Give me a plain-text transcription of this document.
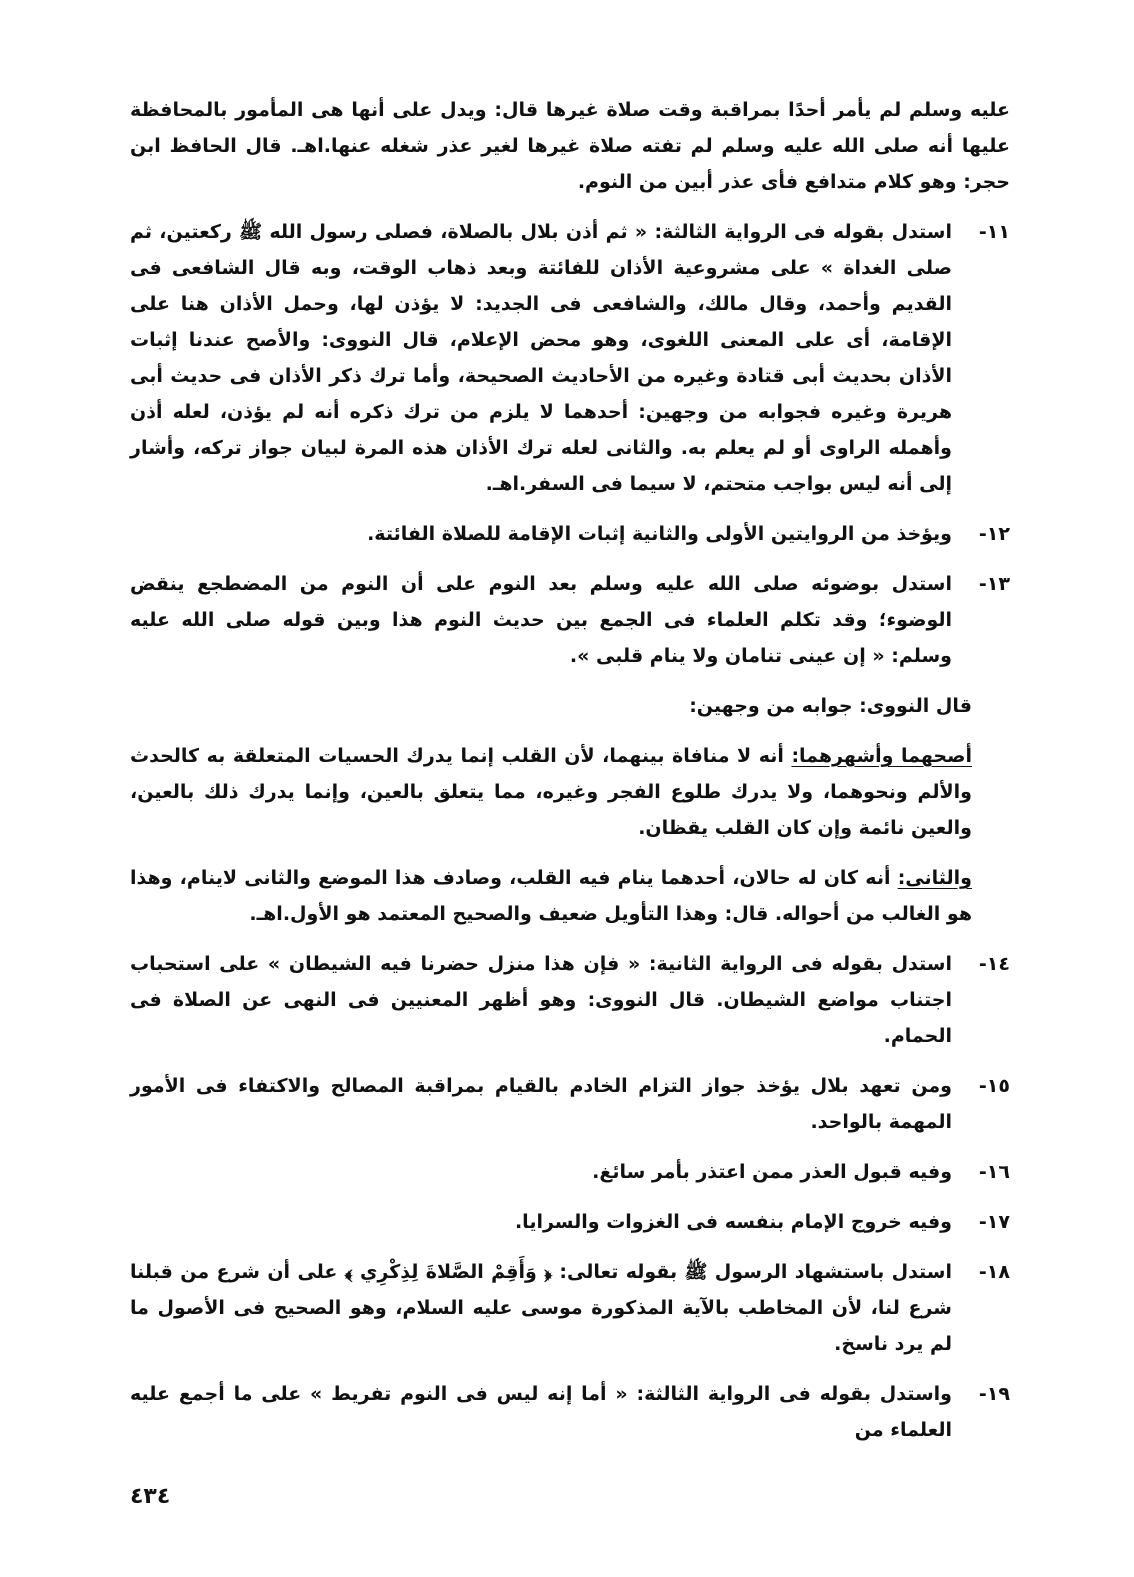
عليه وسلم لم يأمر أحدًا بمراقبة وقت صلاة غيرها قال: ويدل على أنها هى المأمور بالمحافظة عليها أنه صلى الله عليه وسلم لم تفته صلاة غيرها لغير عذر شغله عنها.اهـ. قال الحافظ ابن حجر: وهو كلام متدافع فأى عذر أبين من النوم.

١١-
استدل بقوله فى الرواية الثالثة: « ثم أذن بلال بالصلاة، فصلى رسول الله ﷺ ركعتين، ثم صلى الغداة » على مشروعية الأذان للفائتة وبعد ذهاب الوقت، وبه قال الشافعى فى القديم وأحمد، وقال مالك، والشافعى فى الجديد: لا يؤذن لها، وحمل الأذان هنا على الإقامة، أى على المعنى اللغوى، وهو محض الإعلام، قال النووى: والأصح عندنا إثبات الأذان بحديث أبى قتادة وغيره من الأحاديث الصحيحة، وأما ترك ذكر الأذان فى حديث أبى هريرة وغيره فجوابه من وجهين: أحدهما لا يلزم من ترك ذكره أنه لم يؤذن، لعله أذن وأهمله الراوى أو لم يعلم به. والثانى لعله ترك الأذان هذه المرة لبيان جواز تركه، وأشار إلى أنه ليس بواجب متحتم، لا سيما فى السفر.اهـ.
١٢-
ويؤخذ من الروايتين الأولى والثانية إثبات الإقامة للصلاة الفائتة.
١٣-
استدل بوضوئه صلى الله عليه وسلم بعد النوم على أن النوم من المضطجع ينقض الوضوء؛ وقد تكلم العلماء فى الجمع بين حديث النوم هذا وبين قوله صلى الله عليه وسلم: « إن عينى تنامان ولا ينام قلبى ».

قال النووى: جوابه من وجهين:

أصحهما وأشهرهما: أنه لا منافاة بينهما، لأن القلب إنما يدرك الحسيات المتعلقة به كالحدث والألم ونحوهما، ولا يدرك طلوع الفجر وغيره، مما يتعلق بالعين، وإنما يدرك ذلك بالعين، والعين نائمة وإن كان القلب يقظان.

والثانى: أنه كان له حالان، أحدهما ينام فيه القلب، وصادف هذا الموضع والثانى لاينام، وهذا هو الغالب من أحواله. قال: وهذا التأويل ضعيف والصحيح المعتمد هو الأول.اهـ.

١٤-
استدل بقوله فى الرواية الثانية: « فإن هذا منزل حضرنا فيه الشيطان » على استحباب اجتناب مواضع الشيطان. قال النووى: وهو أظهر المعنيين فى النهى عن الصلاة فى الحمام.
١٥-
ومن تعهد بلال يؤخذ جواز التزام الخادم بالقيام بمراقبة المصالح والاكتفاء فى الأمور المهمة بالواحد.
١٦-
وفيه قبول العذر ممن اعتذر بأمر سائغ.
١٧-
وفيه خروج الإمام بنفسه فى الغزوات والسرايا.
١٨-
استدل باستشهاد الرسول ﷺ بقوله تعالى: ﴿ وَأَقِمْ الصَّلاةَ لِذِكْرِي ﴾ على أن شرع من قبلنا شرع لنا، لأن المخاطب بالآية المذكورة موسى عليه السلام، وهو الصحيح فى الأصول ما لم يرد ناسخ.
١٩-
واستدل بقوله فى الرواية الثالثة: « أما إنه ليس فى النوم تفريط » على ما أجمع عليه العلماء من
٤٣٤
